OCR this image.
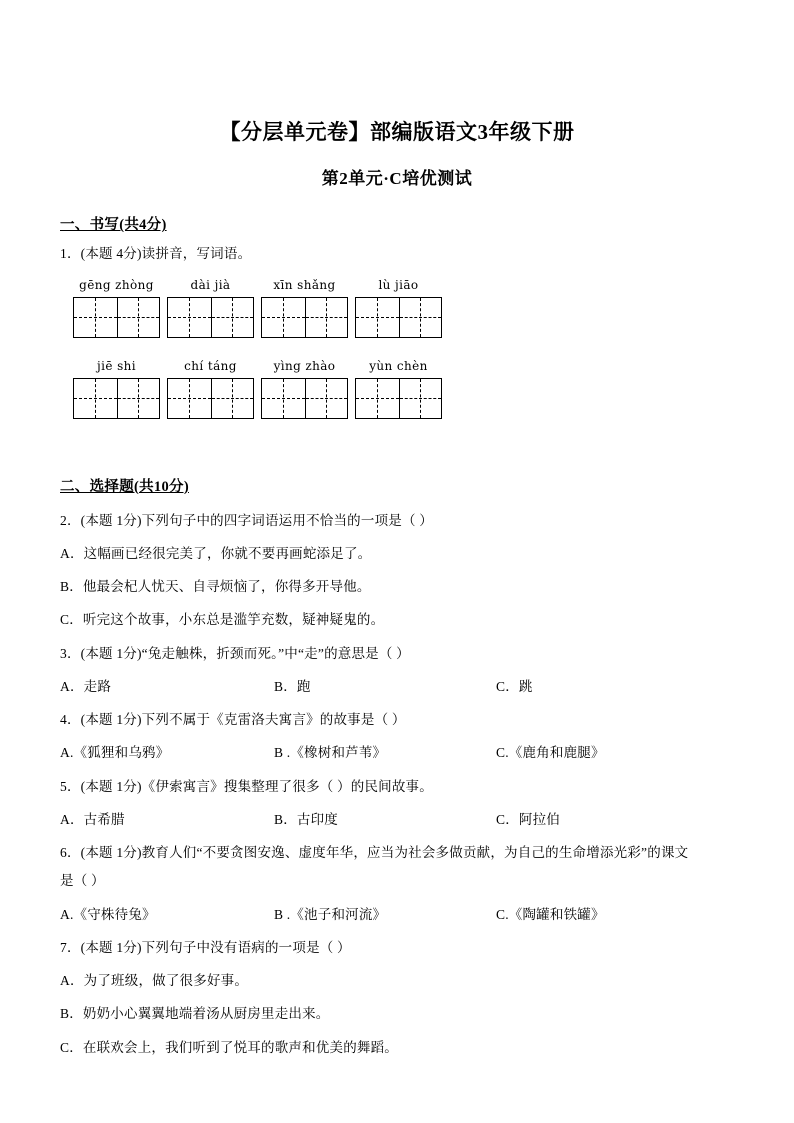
【分层单元卷】部编版语文3年级下册
第2单元·C培优测试
一、书写(共4分)
1．(本题 4分)读拼音，写词语。
gēng zhòng	dài jià	xīn shǎng	lù jiāo
jiē shi	chí táng	yìng zhào	yùn chèn
二、选择题(共10分)
2．(本题 1分)下列句子中的四字词语运用不恰当的一项是（ ）
A．这幅画已经很完美了，你就不要再画蛇添足了。
B．他最会杞人忧天、自寻烦恼了，你得多开导他。
C．听完这个故事，小东总是滥竽充数，疑神疑鬼的。
3．(本题 1分)“兔走触株，折颈而死。”中“走”的意思是（ ）
A．走路	B．跑	C．跳
4．(本题 1分)下列不属于《克雷洛夫寓言》的故事是（ ）
A.《狐狸和乌鸦》	B .《橡树和芦苇》	C.《鹿角和鹿腿》
5．(本题 1分)《伊索寓言》搜集整理了很多（ ）的民间故事。
A．古希腊	B．古印度	C．阿拉伯
6．(本题 1分)教育人们“不要贪图安逸、虚度年华，应当为社会多做贡献，为自己的生命增添光彩”的课文
是（ ）
A.《守株待兔》	B .《池子和河流》	C.《陶罐和铁罐》
7．(本题 1分)下列句子中没有语病的一项是（ ）
A．为了班级，做了很多好事。
B．奶奶小心翼翼地端着汤从厨房里走出来。
C．在联欢会上，我们听到了悦耳的歌声和优美的舞蹈。
